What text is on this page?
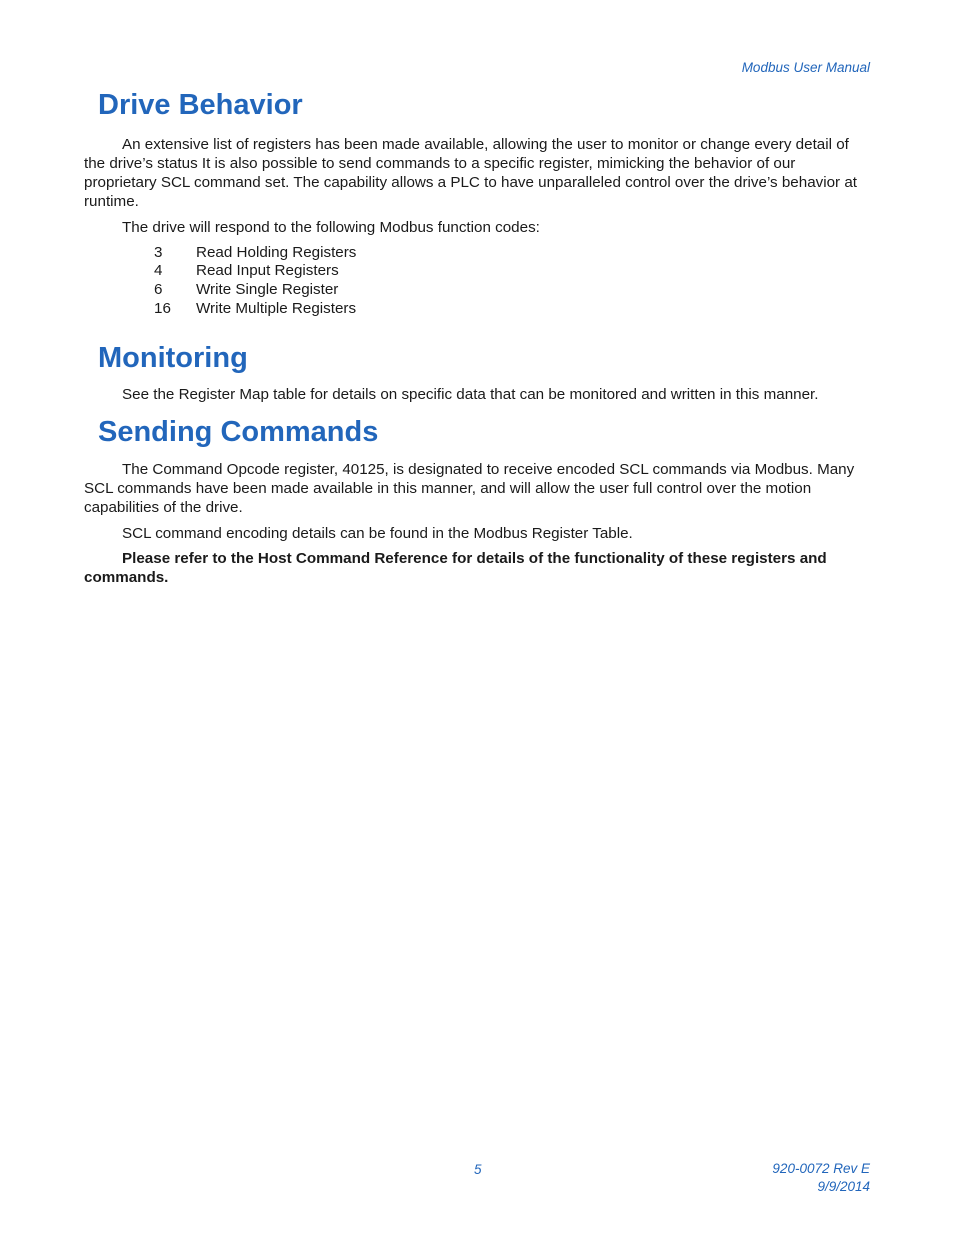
Modbus User Manual
Drive Behavior

An extensive list of registers has been made available, allowing the user to monitor or change every detail of the drive’s status It is also possible to send commands to a specific register, mimicking the behavior of our proprietary SCL command set. The capability allows a PLC to have unparalleled control over the drive’s behavior at runtime.

The drive will respond to the following Modbus function codes:

3	Read Holding Registers
4	Read Input Registers
6	Write Single Register
16	Write Multiple Registers
Monitoring

See the Register Map table for details on specific data that can be monitored and written in this manner.

Sending Commands

The Command Opcode register, 40125, is designated to receive encoded SCL commands via Modbus. Many SCL commands have been made available in this manner, and will allow the user full control over the motion capabilities of the drive.

SCL command encoding details can be found in the Modbus Register Table.

Please refer to the Host Command Reference for details of the functionality of these registers and commands.

5	920-0072 Rev E
9/9/2014
